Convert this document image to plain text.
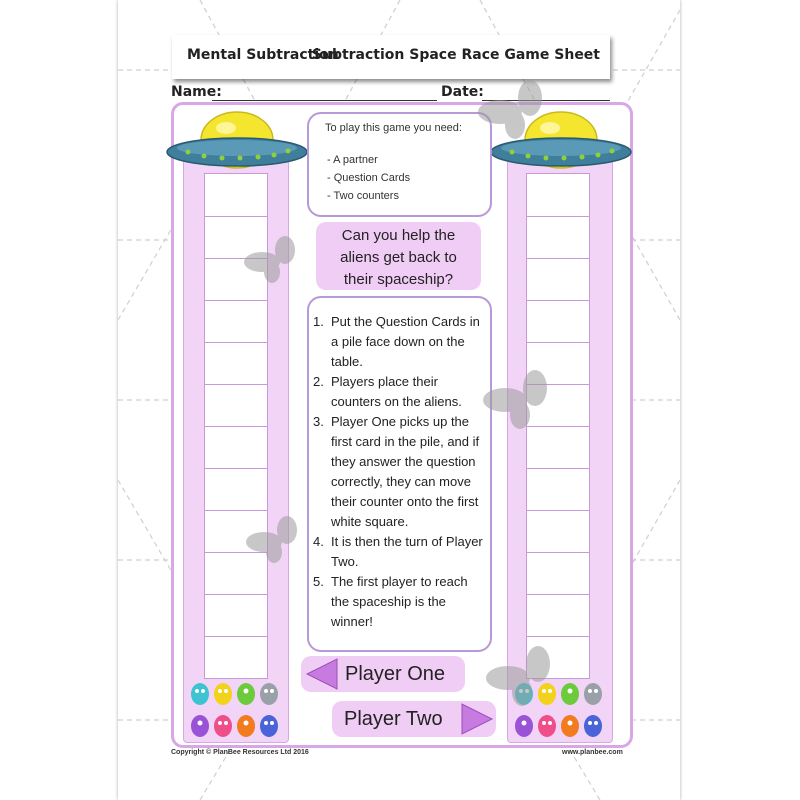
Mental Subtraction
Subtraction Space Race Game Sheet
Name:	Date:
To play this game you need:
- A partner
- Question Cards
- Two counters
Can you help the
aliens get back to
their spaceship?
1. Put the Question Cards in a pile face down on the table.
2. Players place their counters on the aliens.
3. Player One picks up the first card in the pile, and if they answer the question correctly, they can move their counter onto the first white square.
4. It is then the turn of Player Two.
5. The first player to reach the spaceship is the winner!
Player One
Player Two
Copyright © PlanBee Resources Ltd 2016	www.planbee.com
